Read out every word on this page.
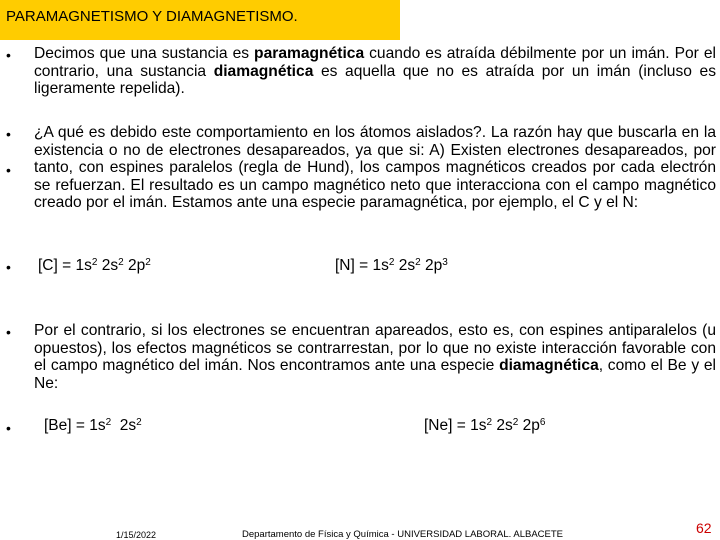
PARAMAGNETISMO Y DIAMAGNETISMO.
• Decimos que una sustancia es paramagnética cuando es atraída débilmente por un imán. Por el contrario, una sustancia diamagnética es aquella que no es atraída por un imán (incluso es ligeramente repelida).
•
•
¿A qué es debido este comportamiento en los átomos aislados?. La razón hay que buscarla en la existencia o no de electrones desapareados, ya que si: A) Existen electrones desapareados, por tanto, con espines paralelos (regla de Hund), los campos magnéticos creados por cada electrón se refuerzan. El resultado es un campo magnético neto que interacciona con el campo magnético creado por el imán. Estamos ante una especie paramagnética, por ejemplo, el C y el N:
• $[C] = 1s^2$ $2s^2$ $2p^2$	$[N] = 1s^2$ $2s^2$ $2p^3$
• Por el contrario, si los electrones se encuentran apareados, esto es, con espines antiparalelos (u opuestos), los efectos magnéticos se contrarrestan, por lo que no existe interacción favorable con el campo magnético del imán. Nos encontramos ante una especie diamagnética, como el Be y el Ne:
• $[Be] = 1s^2$  $2s^2$	$[Ne] = 1s^2$ $2s^2$ $2p^6$
1/15/2022	Departamento de Física y Química - UNIVERSIDAD LABORAL. ALBACETE	62
